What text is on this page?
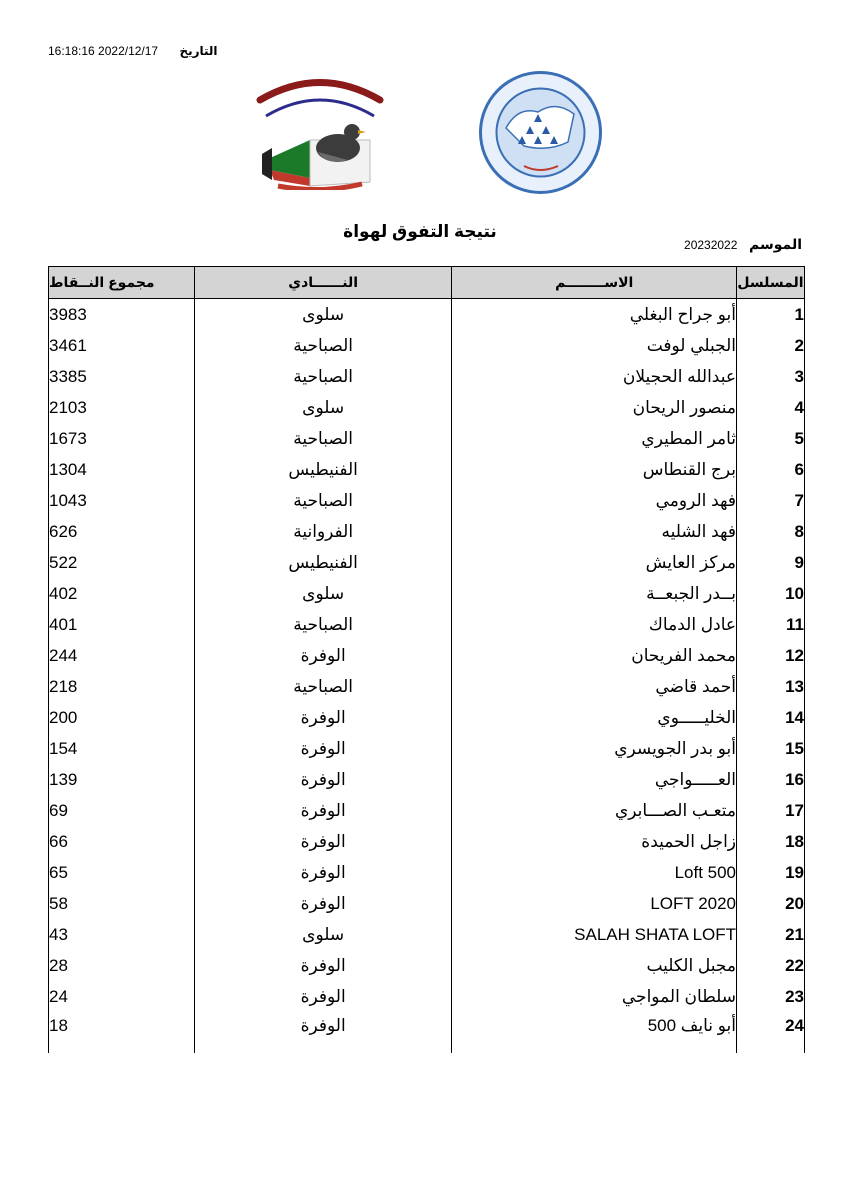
16:18:16 2022/12/17 التاريخ
نتيجة التفوق لهواة
الموسم 20232022
المسلسل	الاســــــــم	النــــــادي	مجموع النــقاط
1	أبو جراح البغلي	سلوى	3983
2	الجبلي لوفت	الصباحية	3461
3	عبدالله الحجيلان	الصباحية	3385
4	منصور الريحان	سلوى	2103
5	ثامر المطيري	الصباحية	1673
6	برج القنطاس	الفنيطيس	1304
7	فهد الرومي	الصباحية	1043
8	فهد الشليه	الفروانية	626
9	مركز العايش	الفنيطيس	522
10	بــدر الجبعــة	سلوى	402
11	عادل الدماك	الصباحية	401
12	محمد الفريحان	الوفرة	244
13	أحمد قاضي	الصباحية	218
14	الخليـــــوي	الوفرة	200
15	أبو بدر الجويسري	الوفرة	154
16	العـــــواجي	الوفرة	139
17	متعـب الصـــابري	الوفرة	69
18	زاجل الحميدة	الوفرة	66
19	Loft 500	الوفرة	65
20	LOFT 2020	الوفرة	58
21	SALAH SHATA LOFT	سلوى	43
22	مجبل الكليب	الوفرة	28
23	سلطان المواجي	الوفرة	24
24	أبو نايف 500	الوفرة	18
